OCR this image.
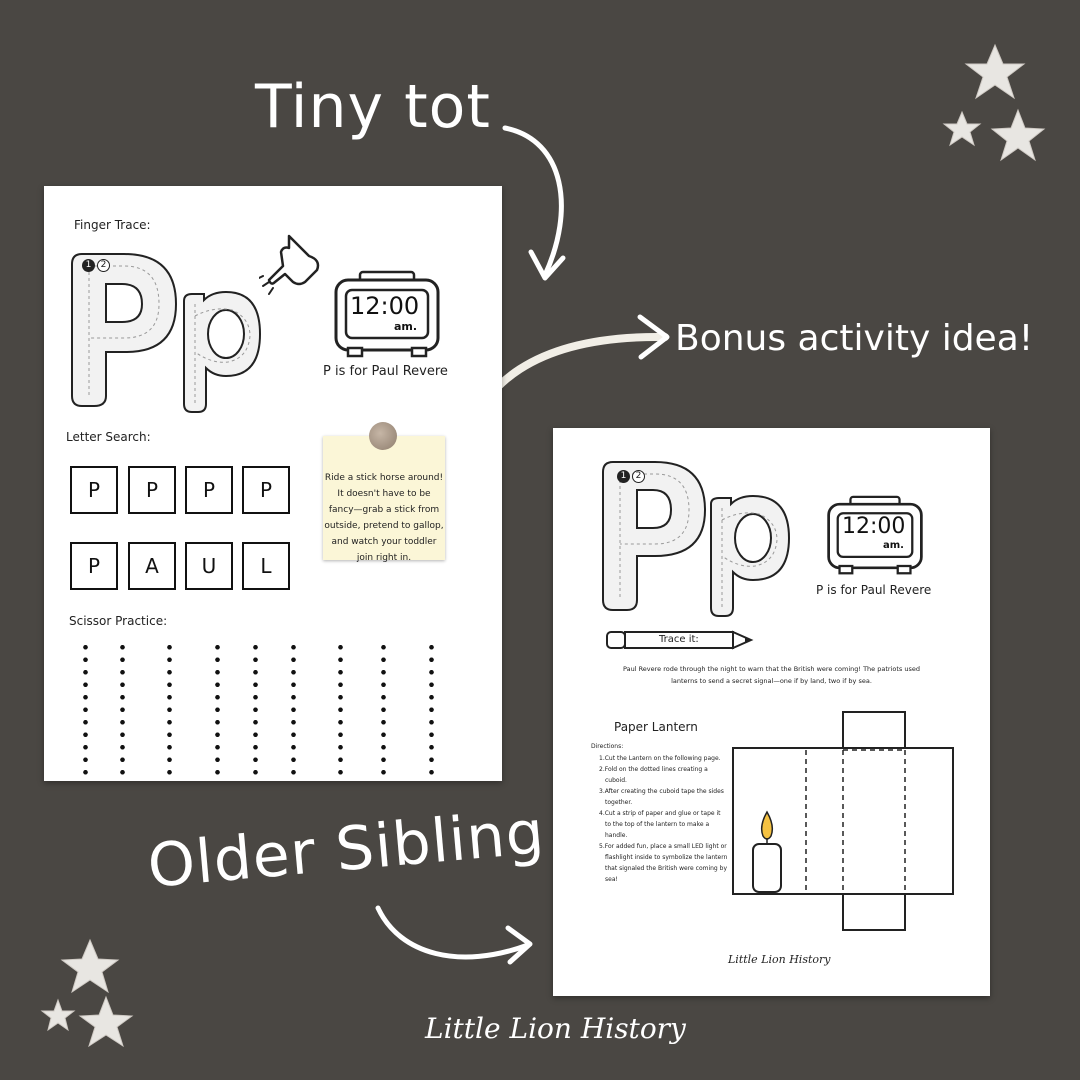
Tiny tot
Bonus activity idea!
Older Sibling
Little Lion History
Finger Trace:
1	2
12:00
am.
P is for Paul Revere
Letter Search:
P	P	P	P
P	A	U	L
Ride a stick horse around!
It doesn't have to be
fancy—grab a stick from
outside, pretend to gallop,
and watch your toddler
join right in.
Scissor Practice:
1	2
12:00
am.
P is for Paul Revere
Trace it:
Paul Revere rode through the night to warn that the British were coming! The patriots used
lanterns to send a secret signal—one if by land, two if by sea.
Paper Lantern
Directions:
1.Cut the Lantern on the following page.
2.Fold on the dotted lines creating a
cuboid.
3.After creating the cuboid tape the sides
together.
4.Cut a strip of paper and glue or tape it
to the top of the lantern to make a
handle.
5.For added fun, place a small LED light or
flashlight inside to symbolize the lantern
that signaled the British were coming by
sea!
Little Lion History
